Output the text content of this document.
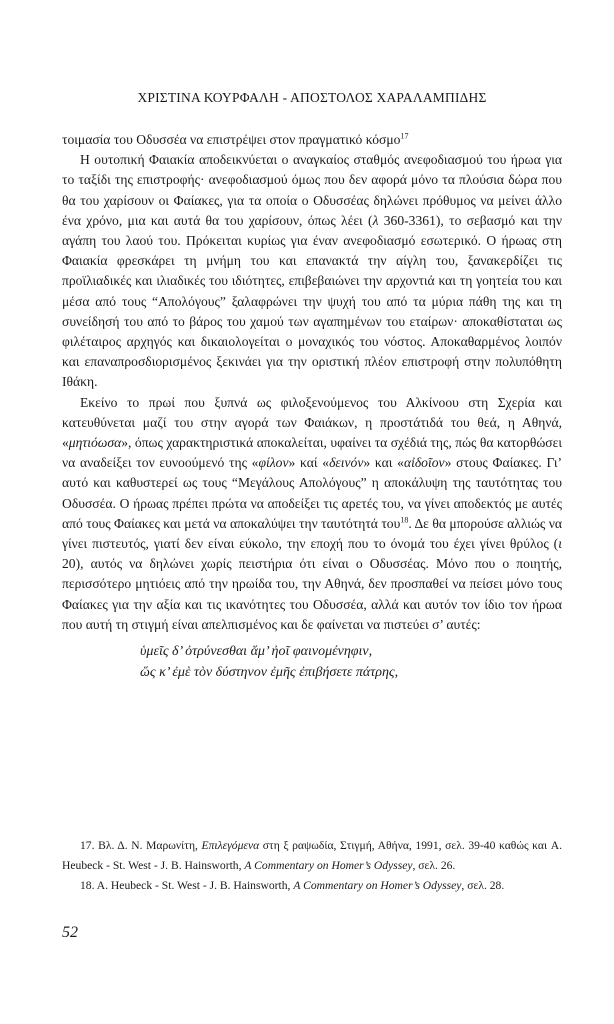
ΧΡΙΣΤΙΝΑ ΚΟΥΡΦΑΛΗ - ΑΠΟΣΤΟΛΟΣ ΧΑΡΑΛΑΜΠΙΔΗΣ

τοιμασία του Οδυσσέα να επιστρέψει στον πραγματικό κόσμο$^{17}$

Η ουτοπική Φαιακία αποδεικνύεται ο αναγκαίος σταθμός ανεφοδιασμού του ήρωα για το ταξίδι της επιστροφής· ανεφοδιασμού όμως που δεν αφορά μόνο τα πλούσια δώρα που θα του χαρίσουν οι Φαίακες, για τα οποία ο Οδυσσέας δηλώνει πρόθυμος να μείνει άλλο ένα χρόνο, μια και αυτά θα του χαρίσουν, όπως λέει (λ 360-3361), το σεβασμό και την αγάπη του λαού του. Πρόκειται κυρίως για έναν ανεφοδιασμό εσωτερικό. Ο ήρωας στη Φαιακία φρεσκάρει τη μνήμη του και επανακτά την αίγλη του, ξανακερδίζει τις προϊλιαδικές και ιλιαδικές του ιδιότητες, επιβεβαιώνει την αρχοντιά και τη γοητεία του και μέσα από τους “Απολόγους” ξαλαφρώνει την ψυχή του από τα μύρια πάθη της και τη συνείδησή του από το βάρος του χαμού των αγαπημένων του εταίρων· αποκαθίσταται ως φιλέταιρος αρχηγός και δικαιολογείται ο μοναχικός του νόστος. Αποκαθαρμένος λοιπόν και επαναπροσδιορισμένος ξεκινάει για την οριστική πλέον επιστροφή στην πολυπόθητη Ιθάκη.

Εκείνο το πρωί που ξυπνά ως φιλοξενούμενος του Αλκίνοου στη Σχερία και κατευθύνεται μαζί του στην αγορά των Φαιάκων, η προστάτιδά του θεά, η Αθηνά, «μητιόωσα», όπως χαρακτηριστικά αποκαλείται, υφαίνει τα σχέδιά της, πώς θα κατορθώσει να αναδείξει τον ευνοούμενό της «φίλον» καί «δεινόν» και «αἰδοῖον» στους Φαίακες. Γι’ αυτό και καθυστερεί ως τους “Μεγάλους Απολόγους” η αποκάλυψη της ταυτότητας του Οδυσσέα. Ο ήρωας πρέπει πρώτα να αποδείξει τις αρετές του, να γίνει αποδεκτός με αυτές από τους Φαίακες και μετά να αποκαλύψει την ταυτότητά του$^{18}$. Δε θα μπορούσε αλλιώς να γίνει πιστευτός, γιατί δεν είναι εύκολο, την εποχή που το όνομά του έχει γίνει θρύλος (ι 20), αυτός να δηλώνει χωρίς πειστήρια ότι είναι ο Οδυσσέας. Μόνο που ο ποιητής, περισσότερο μητιόεις από την ηρωίδα του, την Αθηνά, δεν προσπαθεί να πείσει μόνο τους Φαίακες για την αξία και τις ικανότητες του Οδυσσέα, αλλά και αυτόν τον ίδιο τον ήρωα που αυτή τη στιγμή είναι απελπισμένος και δε φαίνεται να πιστεύει σ’ αυτές:

ὑμεῖς δ’ ὀτρύνεσθαι ἅμ’ ἠοῖ φαινομένηφιν,
ὥς κ’ ἐμὲ τὸν δύστηνον ἐμῆς ἐπιβήσετε πάτρης,

17. Βλ. Δ. Ν. Μαρωνίτη, Επιλεγόμενα στη ξ ραψωδία, Στιγμή, Αθήνα, 1991, σελ. 39-40 καθώς και A. Heubeck - St. West - J. B. Hainsworth, A Commentary on Homer’s Odyssey, σελ. 26.

18. A. Heubeck - St. West - J. B. Hainsworth, A Commentary on Homer’s Odyssey, σελ. 28.

52
